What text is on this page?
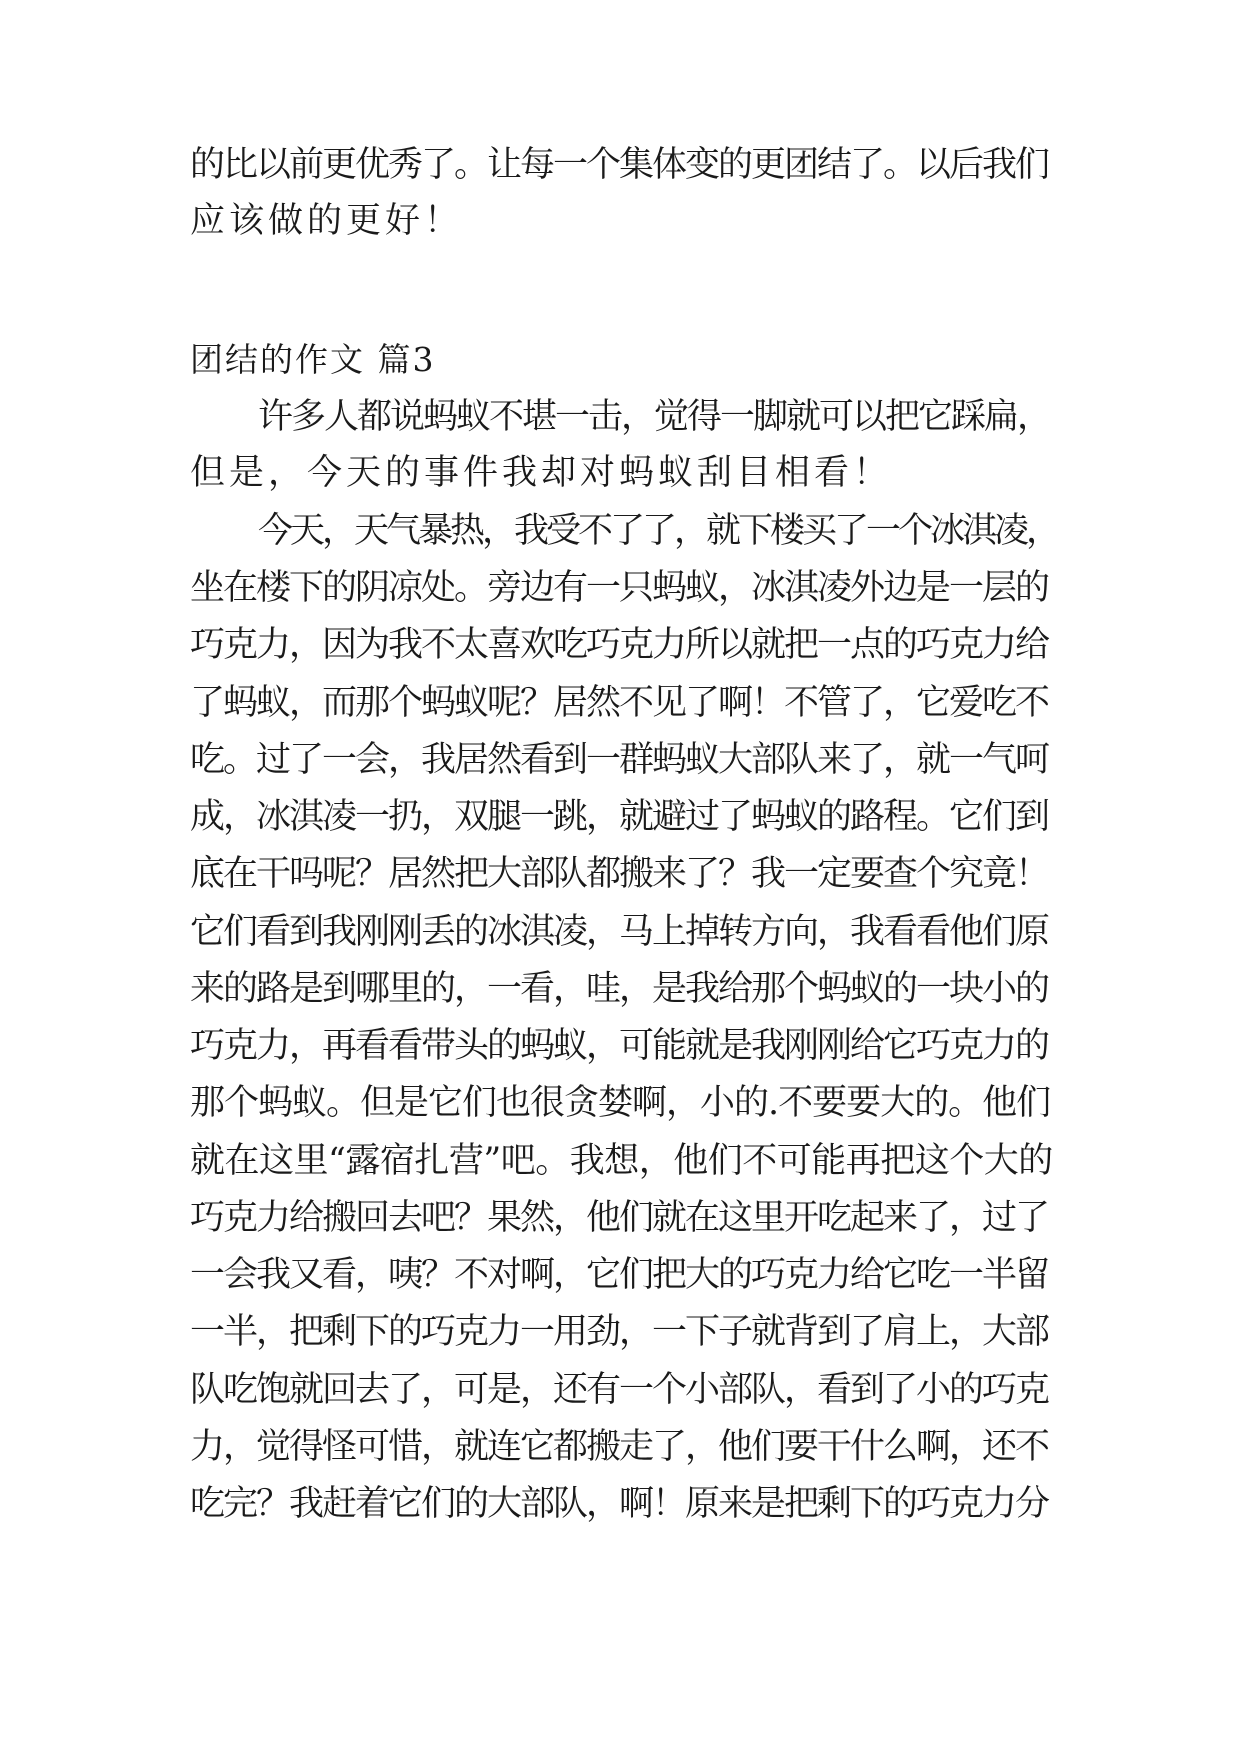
的比以前更优秀了。让每一个集体变的更团结了。以后我们

应该做的更好！

团结的作文 篇3

许多人都说蚂蚁不堪一击，觉得一脚就可以把它踩扁，

但是，今天的事件我却对蚂蚁刮目相看！

今天，天气暴热，我受不了了，就下楼买了一个冰淇凌，

坐在楼下的阴凉处。旁边有一只蚂蚁，冰淇凌外边是一层的

巧克力，因为我不太喜欢吃巧克力所以就把一点的巧克力给

了蚂蚁，而那个蚂蚁呢？居然不见了啊！不管了，它爱吃不

吃。过了一会，我居然看到一群蚂蚁大部队来了，就一气呵

成，冰淇凌一扔，双腿一跳，就避过了蚂蚁的路程。它们到

底在干吗呢？居然把大部队都搬来了？我一定要查个究竟！

它们看到我刚刚丢的冰淇凌，马上掉转方向，我看看他们原

来的路是到哪里的，一看，哇，是我给那个蚂蚁的一块小的

巧克力，再看看带头的蚂蚁，可能就是我刚刚给它巧克力的

那个蚂蚁。但是它们也很贪婪啊，小的.不要要大的。他们

就在这里“露宿扎营”吧。我想，他们不可能再把这个大的

巧克力给搬回去吧？果然，他们就在这里开吃起来了，过了

一会我又看，咦？不对啊，它们把大的巧克力给它吃一半留

一半，把剩下的巧克力一用劲，一下子就背到了肩上，大部

队吃饱就回去了，可是，还有一个小部队，看到了小的巧克

力，觉得怪可惜，就连它都搬走了，他们要干什么啊，还不

吃完？我赶着它们的大部队，啊！原来是把剩下的巧克力分
